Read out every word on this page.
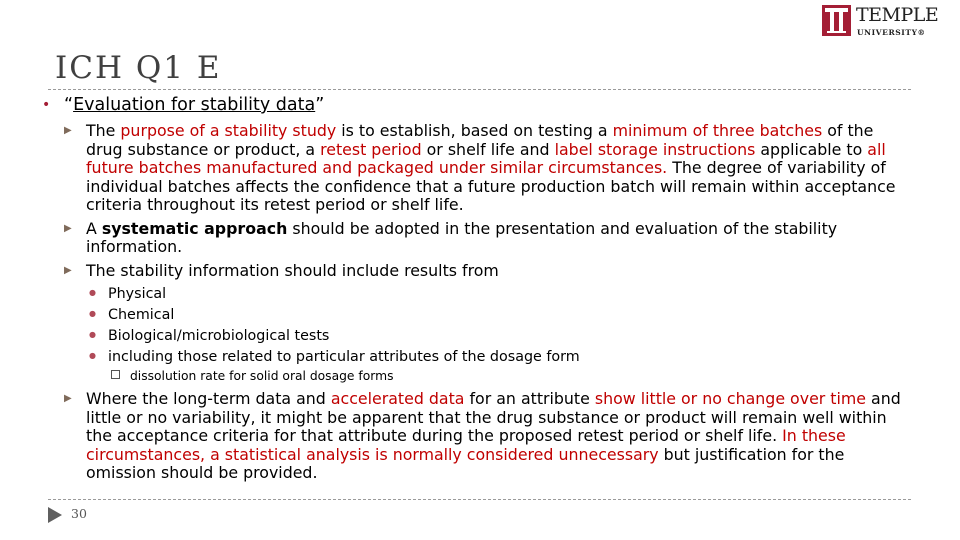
TEMPLE
UNIVERSITY®
ICH Q1 E
• “Evaluation for stability data”
▶ The purpose of a stability study is to establish, based on testing a minimum of three batches of the drug substance or product, a retest period or shelf life and label storage instructions applicable to all future batches manufactured and packaged under similar circumstances. The degree of variability of individual batches affects the confidence that a future production batch will remain within acceptance criteria throughout its retest period or shelf life.
▶ A systematic approach should be adopted in the presentation and evaluation of the stability information.
▶ The stability information should include results from
● Physical
● Chemical
● Biological/microbiological tests
● including those related to particular attributes of the dosage form
dissolution rate for solid oral dosage forms
▶ Where the long-term data and accelerated data for an attribute show little or no change over time and little or no variability, it might be apparent that the drug substance or product will remain well within the acceptance criteria for that attribute during the proposed retest period or shelf life. In these circumstances, a statistical analysis is normally considered unnecessary but justification for the omission should be provided.
30
